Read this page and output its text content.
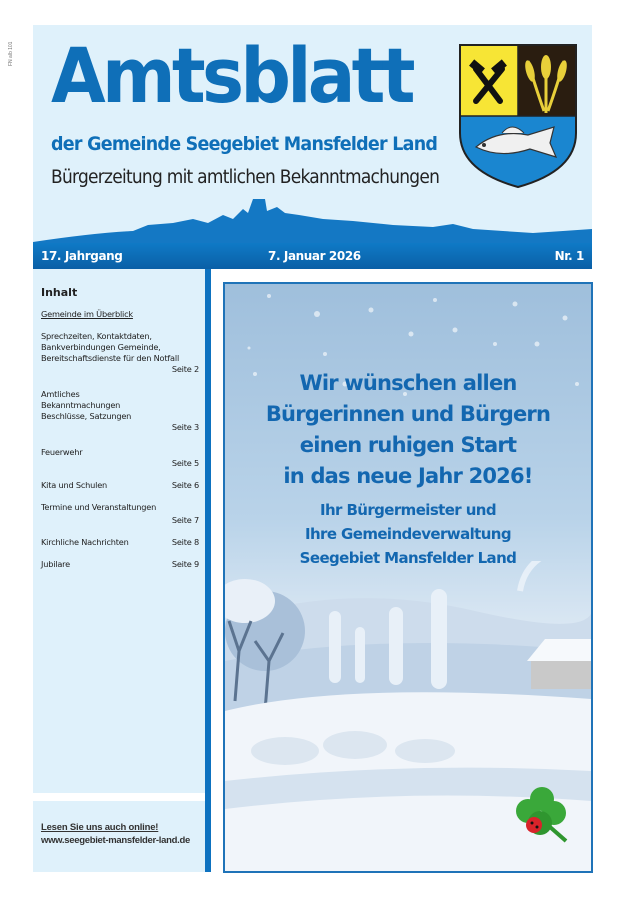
FN alb 101 Amtsblatt
der Gemeinde Seegebiet Mansfelder Land
Bürgerzeitung mit amtlichen Bekanntmachungen
17. Jahrgang	7. Januar 2026	Nr. 1
Inhalt
Gemeinde im Überblick
Sprechzeiten, Kontaktdaten, Bankverbindungen Gemeinde, Bereitschaftsdienste für den Notfall
Seite 2
Amtliches Bekanntmachungen Beschlüsse, Satzungen
Seite 3
Feuerwehr
Seite 5
Kita und Schulen	Seite 6
Termine und Veranstaltungen
Seite 7
Kirchliche Nachrichten	Seite 8
Jubilare	Seite 9
Lesen Sie uns auch online!
www.seegebiet-mansfelder-land.de
Wir wünschen allen
Bürgerinnen und Bürgern
einen ruhigen Start
in das neue Jahr 2026!
Ihr Bürgermeister und
Ihre Gemeindeverwaltung
Seegebiet Mansfelder Land
